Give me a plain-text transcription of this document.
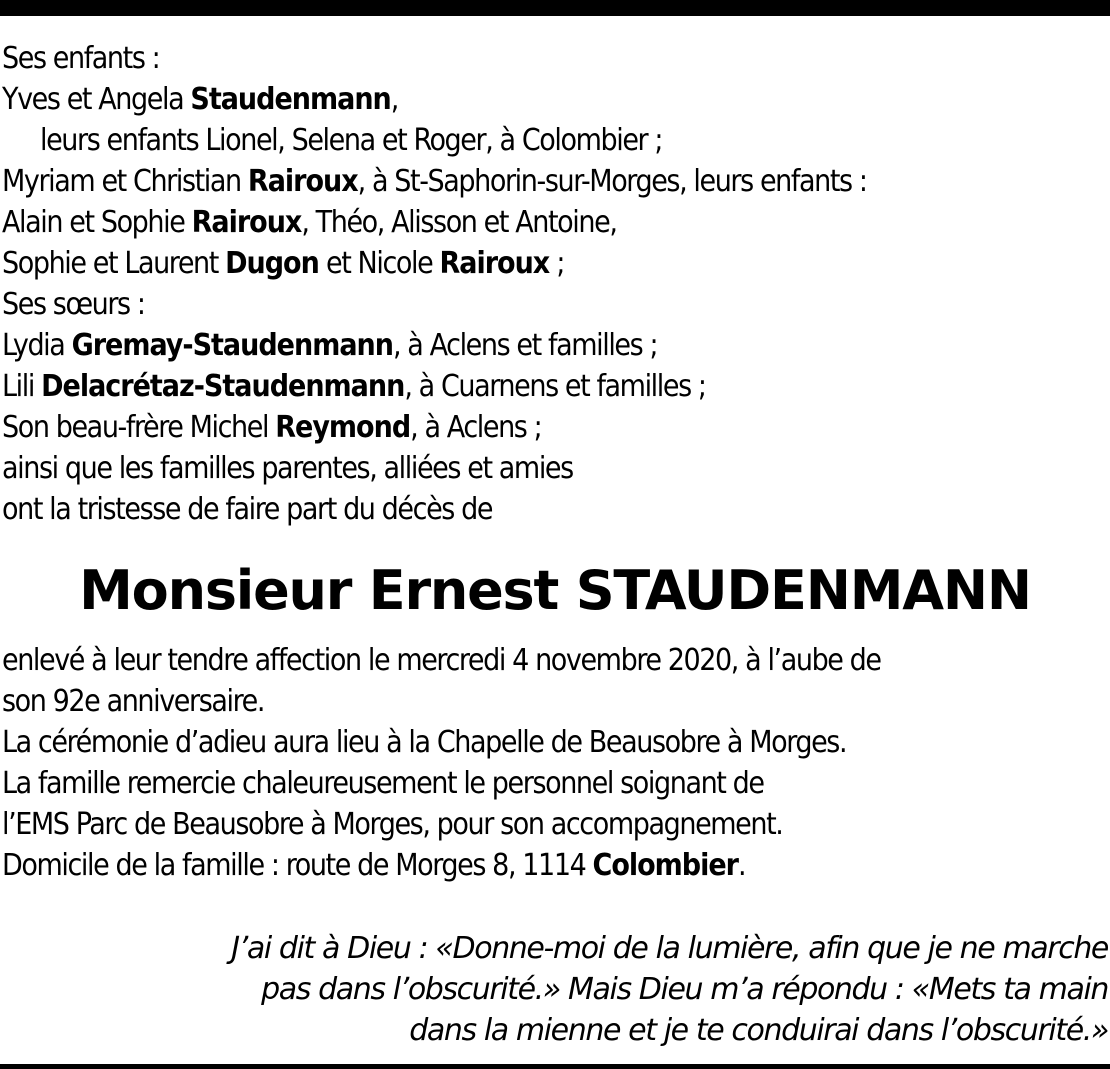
Ses enfants :
Yves et Angela Staudenmann,
leurs enfants Lionel, Selena et Roger, à Colombier ;
Myriam et Christian Rairoux, à St-Saphorin-sur-Morges, leurs enfants :
Alain et Sophie Rairoux, Théo, Alisson et Antoine,
Sophie et Laurent Dugon et Nicole Rairoux ;
Ses sœurs :
Lydia Gremay-Staudenmann, à Aclens et familles ;
Lili Delacrétaz-Staudenmann, à Cuarnens et familles ;
Son beau-frère Michel Reymond, à Aclens ;
ainsi que les familles parentes, alliées et amies
ont la tristesse de faire part du décès de
Monsieur Ernest STAUDENMANN
enlevé à leur tendre affection le mercredi 4 novembre 2020, à l’aube de
son 92e anniversaire.
La cérémonie d’adieu aura lieu à la Chapelle de Beausobre à Morges.
La famille remercie chaleureusement le personnel soignant de
l’EMS Parc de Beausobre à Morges, pour son accompagnement.
Domicile de la famille : route de Morges 8, 1114 Colombier.
J’ai dit à Dieu : «Donne-moi de la lumière, afin que je ne marche
pas dans l’obscurité.» Mais Dieu m’a répondu : «Mets ta main
dans la mienne et je te conduirai dans l’obscurité.»
